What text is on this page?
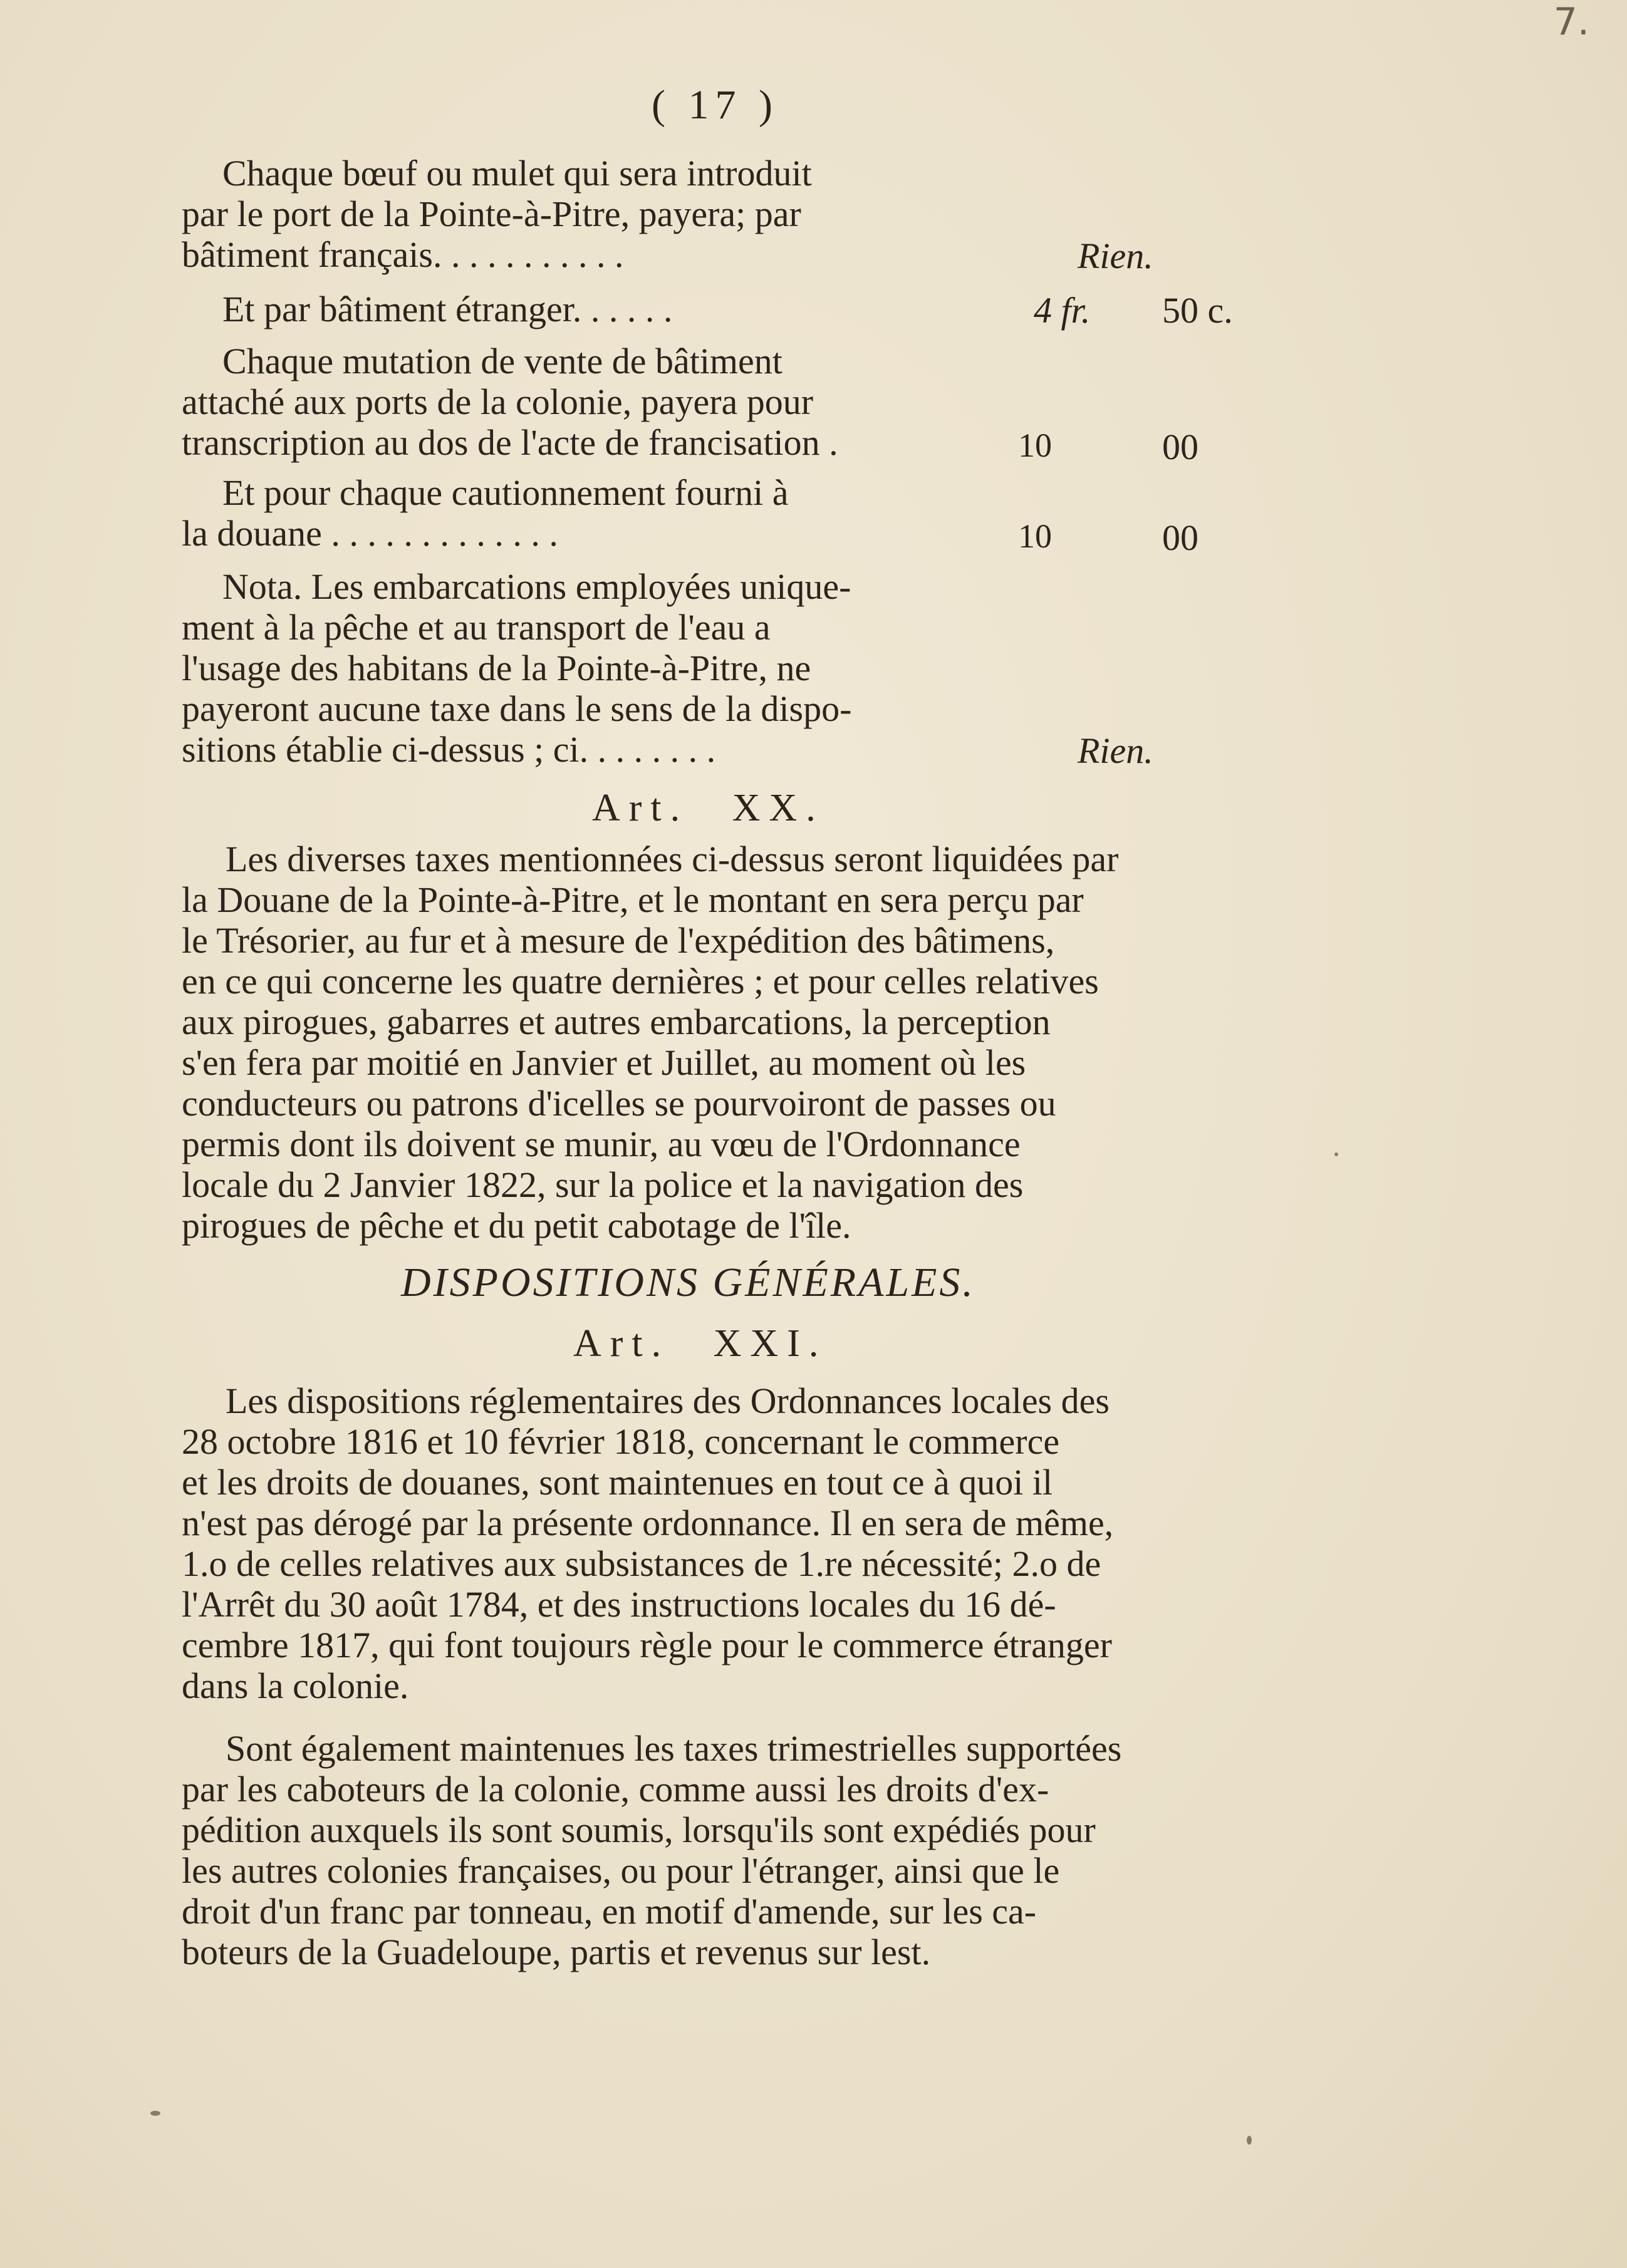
7.
( 17 )
Chaque bœuf ou mulet qui sera introduit
par le port de la Pointe-à-Pitre, payera; par
bâtiment français. . . . . . . . . . .	Rien.
Et par bâtiment étranger. . . . . .	4 fr. 50 c.
Chaque mutation de vente de bâtiment
attaché aux ports de la colonie, payera pour
transcription au dos de l'acte de francisation .	10	00
Et pour chaque cautionnement fourni à
la douane . . . . . . . . . . . . .	10	00
Nota. Les embarcations employées unique-
ment à la pêche et au transport de l'eau a
l'usage des habitans de la Pointe-à-Pitre, ne
payeront aucune taxe dans le sens de la dispo-
sitions établie ci-dessus ; ci. . . . . . . .	Rien.
Art. XX.
Les diverses taxes mentionnées ci-dessus seront liquidées par
la Douane de la Pointe-à-Pitre, et le montant en sera perçu par
le Trésorier, au fur et à mesure de l'expédition des bâtimens,
en ce qui concerne les quatre dernières ; et pour celles relatives
aux pirogues, gabarres et autres embarcations, la perception
s'en fera par moitié en Janvier et Juillet, au moment où les
conducteurs ou patrons d'icelles se pourvoiront de passes ou
permis dont ils doivent se munir, au vœu de l'Ordonnance
locale du 2 Janvier 1822, sur la police et la navigation des
pirogues de pêche et du petit cabotage de l'île.
DISPOSITIONS GÉNÉRALES.
Art. XXI.
Les dispositions réglementaires des Ordonnances locales des
28 octobre 1816 et 10 février 1818, concernant le commerce
et les droits de douanes, sont maintenues en tout ce à quoi il
n'est pas dérogé par la présente ordonnance. Il en sera de même,
1.o de celles relatives aux subsistances de 1.re nécessité; 2.o de
l'Arrêt du 30 août 1784, et des instructions locales du 16 dé-
cembre 1817, qui font toujours règle pour le commerce étranger
dans la colonie.
Sont également maintenues les taxes trimestrielles supportées
par les caboteurs de la colonie, comme aussi les droits d'ex-
pédition auxquels ils sont soumis, lorsqu'ils sont expédiés pour
les autres colonies françaises, ou pour l'étranger, ainsi que le
droit d'un franc par tonneau, en motif d'amende, sur les ca-
boteurs de la Guadeloupe, partis et revenus sur lest.
